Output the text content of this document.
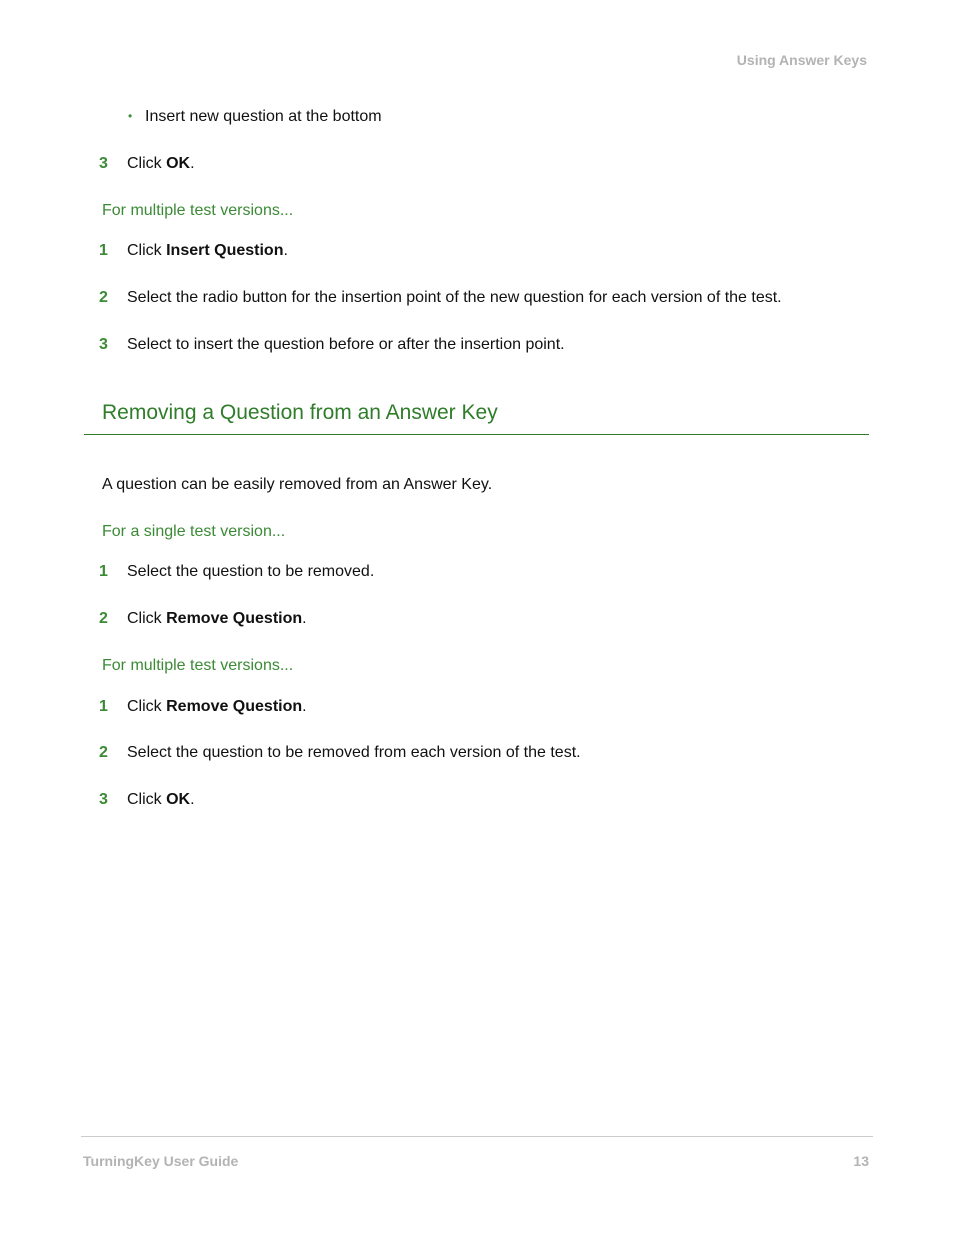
Using Answer Keys
• Insert new question at the bottom
3 Click OK.
For multiple test versions...
1 Click Insert Question.
2 Select the radio button for the insertion point of the new question for each version of the test.
3 Select to insert the question before or after the insertion point.
Removing a Question from an Answer Key
A question can be easily removed from an Answer Key.
For a single test version...
1 Select the question to be removed.
2 Click Remove Question.
For multiple test versions...
1 Click Remove Question.
2 Select the question to be removed from each version of the test.
3 Click OK.
TurningKey User Guide	13
